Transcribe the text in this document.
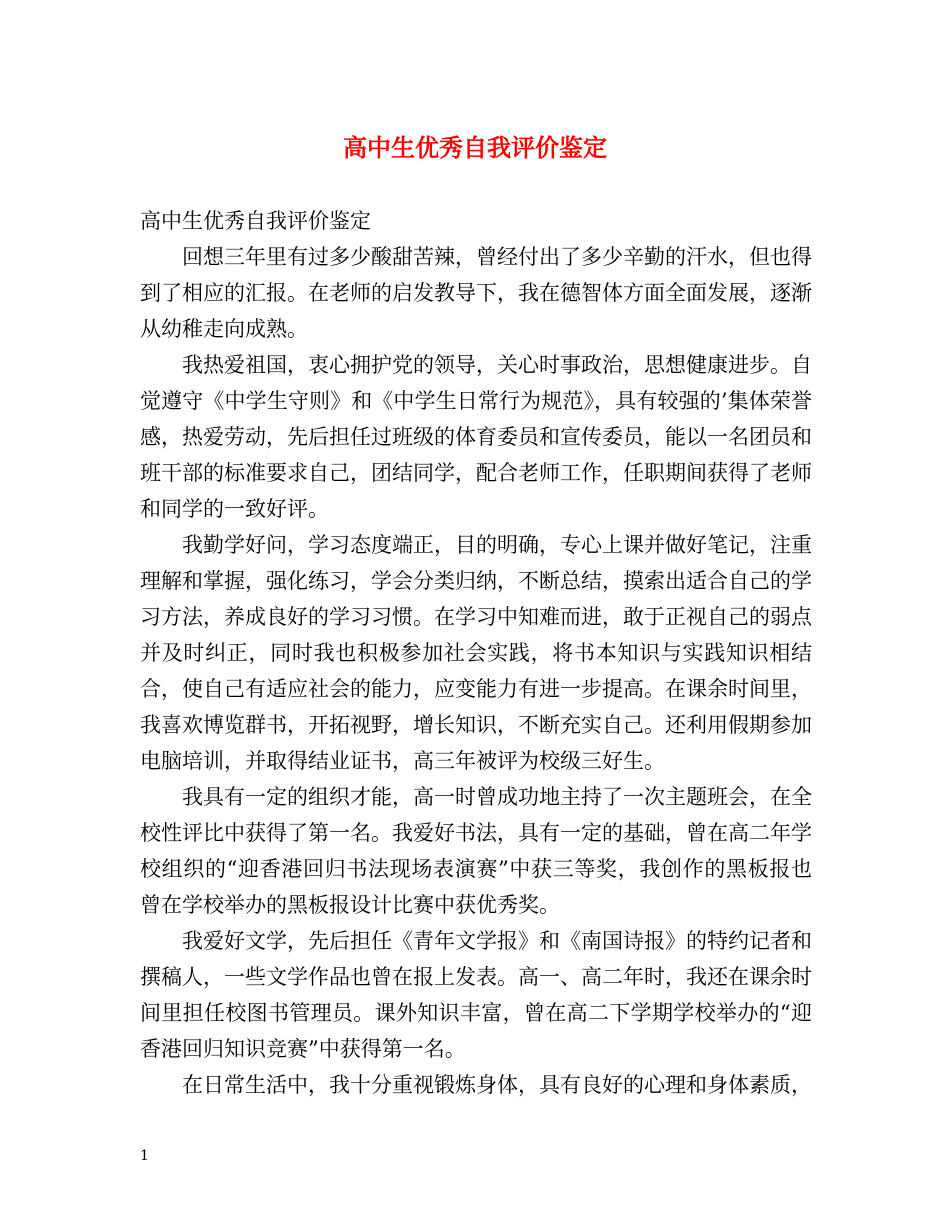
高中生优秀自我评价鉴定

高中生优秀自我评价鉴定

回想三年里有过多少酸甜苦辣，曾经付出了多少辛勤的汗水，但也得到了相应的汇报。在老师的启发教导下，我在德智体方面全面发展，逐渐从幼稚走向成熟。

我热爱祖国，衷心拥护党的领导，关心时事政治，思想健康进步。自觉遵守《中学生守则》和《中学生日常行为规范》，具有较强的’集体荣誉感，热爱劳动，先后担任过班级的体育委员和宣传委员，能以一名团员和班干部的标准要求自己，团结同学，配合老师工作，任职期间获得了老师和同学的一致好评。

我勤学好问，学习态度端正，目的明确，专心上课并做好笔记，注重理解和掌握，强化练习，学会分类归纳，不断总结，摸索出适合自己的学习方法，养成良好的学习习惯。在学习中知难而进，敢于正视自己的弱点并及时纠正，同时我也积极参加社会实践，将书本知识与实践知识相结合，使自己有适应社会的能力，应变能力有进一步提高。在课余时间里，我喜欢博览群书，开拓视野，增长知识，不断充实自己。还利用假期参加电脑培训，并取得结业证书，高三年被评为校级三好生。

我具有一定的组织才能，高一时曾成功地主持了一次主题班会，在全校性评比中获得了第一名。我爱好书法，具有一定的基础，曾在高二年学校组织的“迎香港回归书法现场表演赛”中获三等奖，我创作的黑板报也曾在学校举办的黑板报设计比赛中获优秀奖。

我爱好文学，先后担任《青年文学报》和《南国诗报》的特约记者和撰稿人，一些文学作品也曾在报上发表。高一、高二年时，我还在课余时间里担任校图书管理员。课外知识丰富，曾在高二下学期学校举办的“迎香港回归知识竞赛”中获得第一名。

在日常生活中，我十分重视锻炼身体，具有良好的心理和身体素质，

1
